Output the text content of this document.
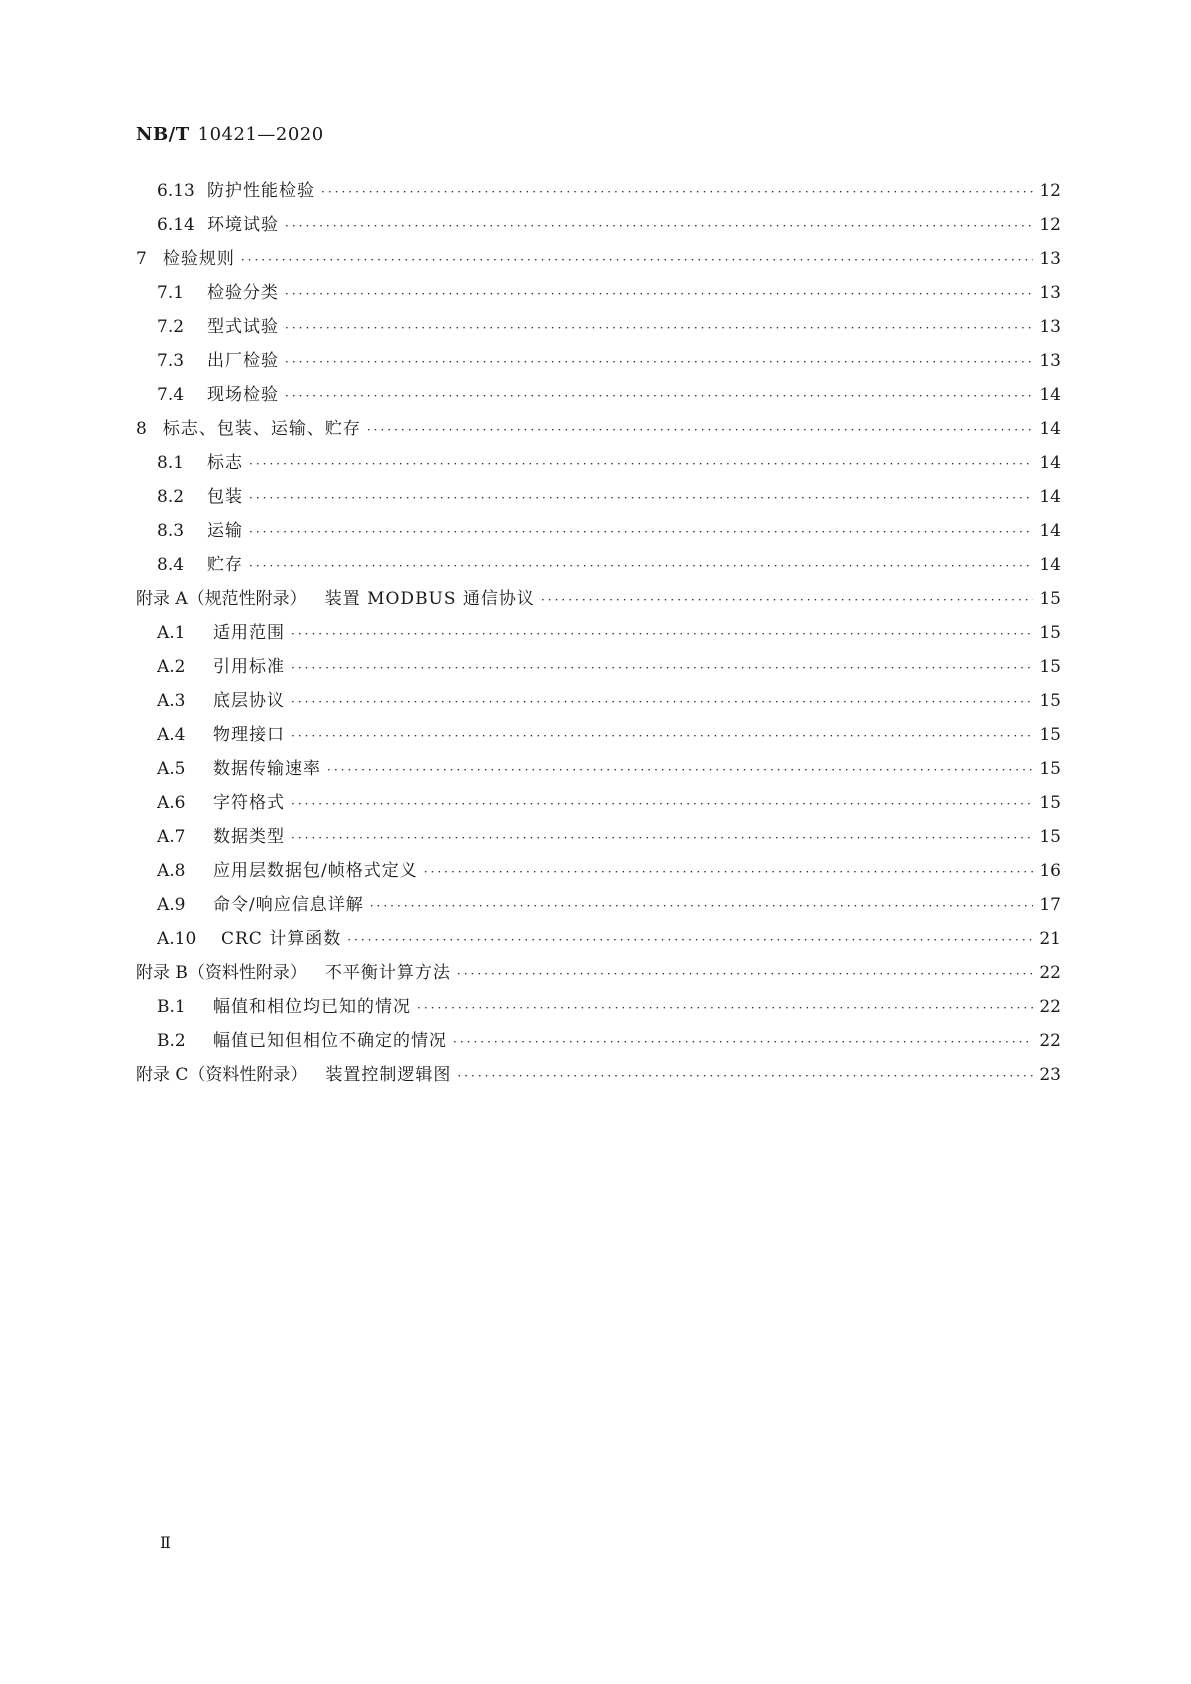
NB/T 10421—2020
6.13 防护性能检验 ·····	12
6.14 环境试验 ·····	12
7 检验规则 ·····	13
7.1	检验分类 ·····	13
7.2	型式试验 ·····	13
7.3	出厂检验 ·····	13
7.4	现场检验 ·····	14
8 标志、包装、运输、贮存 ·····	14
8.1	标志 ·····	14
8.2	包装 ·····	14
8.3	运输 ·····	14
8.4	贮存 ·····	14
附录 A（规范性附录） 装置 MODBUS 通信协议 ·····	15
A.1	适用范围 ·····	15
A.2	引用标准 ·····	15
A.3	底层协议 ·····	15
A.4	物理接口 ·····	15
A.5	数据传输速率 ·····	15
A.6	字符格式 ·····	15
A.7	数据类型 ·····	15
A.8	应用层数据包/帧格式定义 ·····	16
A.9	命令/响应信息详解 ·····	17
A.10	CRC 计算函数 ·····	21
附录 B（资料性附录） 不平衡计算方法 ·····	22
B.1	幅值和相位均已知的情况 ·····	22
B.2	幅值已知但相位不确定的情况 ·····	22
附录 C（资料性附录） 装置控制逻辑图 ·····	23
Ⅱ
